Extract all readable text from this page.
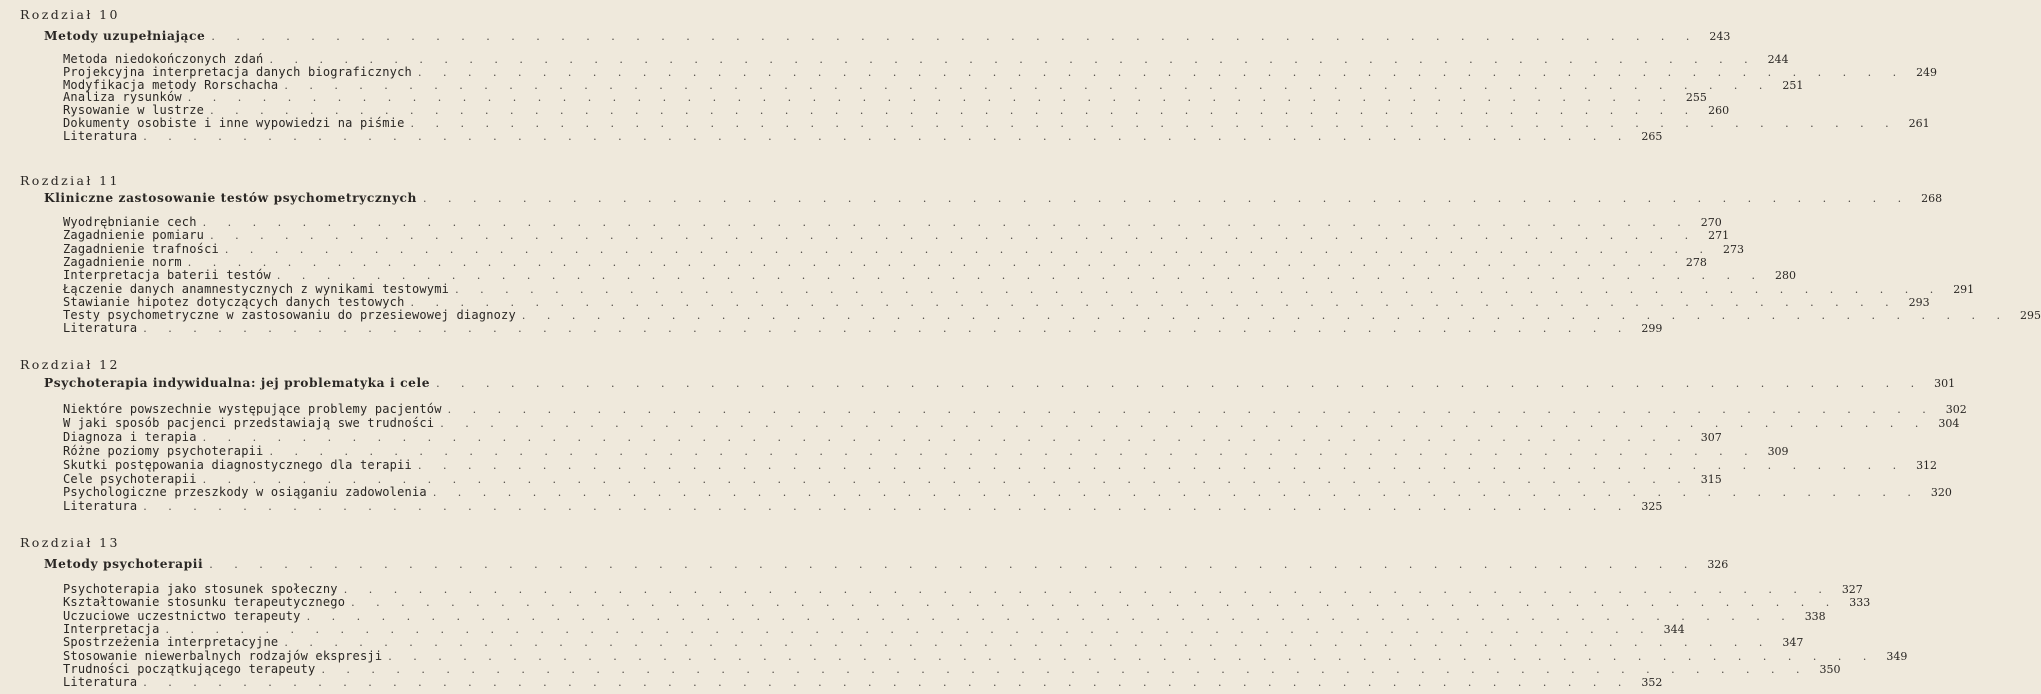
Rozdział 10
Metody uzupełniające . . . . . . . . . . . . . . . . . . . . . . . . . . . . . . . . . . . . . . . . . . . . . . . . . . . . . . . . . . . . 243
Metoda niedokończonych zdań . . . . . . . . . . . . . . . . . . . . . . . . . . . . . . . . . . . . . . . . . . . . . . . . . . . . . . . . . . . . 244
Projekcyjna interpretacja danych biograficznych . . . . . . . . . . . . . . . . . . . . . . . . . . . . . . . . . . . . . . . . . . . . . . . . . . . . . . . . . . . . 249
Modyfikacja metody Rorschacha . . . . . . . . . . . . . . . . . . . . . . . . . . . . . . . . . . . . . . . . . . . . . . . . . . . . . . . . . . . . 251
Analiza rysunków . . . . . . . . . . . . . . . . . . . . . . . . . . . . . . . . . . . . . . . . . . . . . . . . . . . . . . . . . . . . 255
Rysowanie w lustrze . . . . . . . . . . . . . . . . . . . . . . . . . . . . . . . . . . . . . . . . . . . . . . . . . . . . . . . . . . . . 260
Dokumenty osobiste i inne wypowiedzi na piśmie . . . . . . . . . . . . . . . . . . . . . . . . . . . . . . . . . . . . . . . . . . . . . . . . . . . . . . . . . . . . 261
Literatura . . . . . . . . . . . . . . . . . . . . . . . . . . . . . . . . . . . . . . . . . . . . . . . . . . . . . . . . . . . . 265
Rozdział 11
Kliniczne zastosowanie testów psychometrycznych . . . . . . . . . . . . . . . . . . . . . . . . . . . . . . . . . . . . . . . . . . . . . . . . . . . . . . . . . . . . 268
Wyodrębnianie cech . . . . . . . . . . . . . . . . . . . . . . . . . . . . . . . . . . . . . . . . . . . . . . . . . . . . . . . . . . . . 270
Zagadnienie pomiaru . . . . . . . . . . . . . . . . . . . . . . . . . . . . . . . . . . . . . . . . . . . . . . . . . . . . . . . . . . . . 271
Zagadnienie trafności . . . . . . . . . . . . . . . . . . . . . . . . . . . . . . . . . . . . . . . . . . . . . . . . . . . . . . . . . . . . 273
Zagadnienie norm . . . . . . . . . . . . . . . . . . . . . . . . . . . . . . . . . . . . . . . . . . . . . . . . . . . . . . . . . . . . 278
Interpretacja baterii testów . . . . . . . . . . . . . . . . . . . . . . . . . . . . . . . . . . . . . . . . . . . . . . . . . . . . . . . . . . . . 280
Łączenie danych anamnestycznych z wynikami testowymi . . . . . . . . . . . . . . . . . . . . . . . . . . . . . . . . . . . . . . . . . . . . . . . . . . . . . . . . . . . . 291
Stawianie hipotez dotyczących danych testowych . . . . . . . . . . . . . . . . . . . . . . . . . . . . . . . . . . . . . . . . . . . . . . . . . . . . . . . . . . . . 293
Testy psychometryczne w zastosowaniu do przesiewowej diagnozy . . . . . . . . . . . . . . . . . . . . . . . . . . . . . . . . . . . . . . . . . . . . . . . . . . . . . . . . . . . . 295
Literatura . . . . . . . . . . . . . . . . . . . . . . . . . . . . . . . . . . . . . . . . . . . . . . . . . . . . . . . . . . . . 299
Rozdział 12
Psychoterapia indywidualna: jej problematyka i cele . . . . . . . . . . . . . . . . . . . . . . . . . . . . . . . . . . . . . . . . . . . . . . . . . . . . . . . . . . . . 301
Niektóre powszechnie występujące problemy pacjentów . . . . . . . . . . . . . . . . . . . . . . . . . . . . . . . . . . . . . . . . . . . . . . . . . . . . . . . . . . . . 302
W jaki sposób pacjenci przedstawiają swe trudności . . . . . . . . . . . . . . . . . . . . . . . . . . . . . . . . . . . . . . . . . . . . . . . . . . . . . . . . . . . . 304
Diagnoza i terapia . . . . . . . . . . . . . . . . . . . . . . . . . . . . . . . . . . . . . . . . . . . . . . . . . . . . . . . . . . . . 307
Różne poziomy psychoterapii . . . . . . . . . . . . . . . . . . . . . . . . . . . . . . . . . . . . . . . . . . . . . . . . . . . . . . . . . . . . 309
Skutki postępowania diagnostycznego dla terapii . . . . . . . . . . . . . . . . . . . . . . . . . . . . . . . . . . . . . . . . . . . . . . . . . . . . . . . . . . . . 312
Cele psychoterapii . . . . . . . . . . . . . . . . . . . . . . . . . . . . . . . . . . . . . . . . . . . . . . . . . . . . . . . . . . . . 315
Psychologiczne przeszkody w osiąganiu zadowolenia . . . . . . . . . . . . . . . . . . . . . . . . . . . . . . . . . . . . . . . . . . . . . . . . . . . . . . . . . . . . 320
Literatura . . . . . . . . . . . . . . . . . . . . . . . . . . . . . . . . . . . . . . . . . . . . . . . . . . . . . . . . . . . . 325
Rozdział 13
Metody psychoterapii . . . . . . . . . . . . . . . . . . . . . . . . . . . . . . . . . . . . . . . . . . . . . . . . . . . . . . . . . . . . 326
Psychoterapia jako stosunek społeczny . . . . . . . . . . . . . . . . . . . . . . . . . . . . . . . . . . . . . . . . . . . . . . . . . . . . . . . . . . . . 327
Kształtowanie stosunku terapeutycznego . . . . . . . . . . . . . . . . . . . . . . . . . . . . . . . . . . . . . . . . . . . . . . . . . . . . . . . . . . . . 333
Uczuciowe uczestnictwo terapeuty . . . . . . . . . . . . . . . . . . . . . . . . . . . . . . . . . . . . . . . . . . . . . . . . . . . . . . . . . . . . 338
Interpretacja . . . . . . . . . . . . . . . . . . . . . . . . . . . . . . . . . . . . . . . . . . . . . . . . . . . . . . . . . . . . 344
Spostrzeżenia interpretacyjne . . . . . . . . . . . . . . . . . . . . . . . . . . . . . . . . . . . . . . . . . . . . . . . . . . . . . . . . . . . . 347
Stosowanie niewerbalnych rodzajów ekspresji . . . . . . . . . . . . . . . . . . . . . . . . . . . . . . . . . . . . . . . . . . . . . . . . . . . . . . . . . . . . 349
Trudności początkującego terapeuty . . . . . . . . . . . . . . . . . . . . . . . . . . . . . . . . . . . . . . . . . . . . . . . . . . . . . . . . . . . . 350
Literatura . . . . . . . . . . . . . . . . . . . . . . . . . . . . . . . . . . . . . . . . . . . . . . . . . . . . . . . . . . . . 352
